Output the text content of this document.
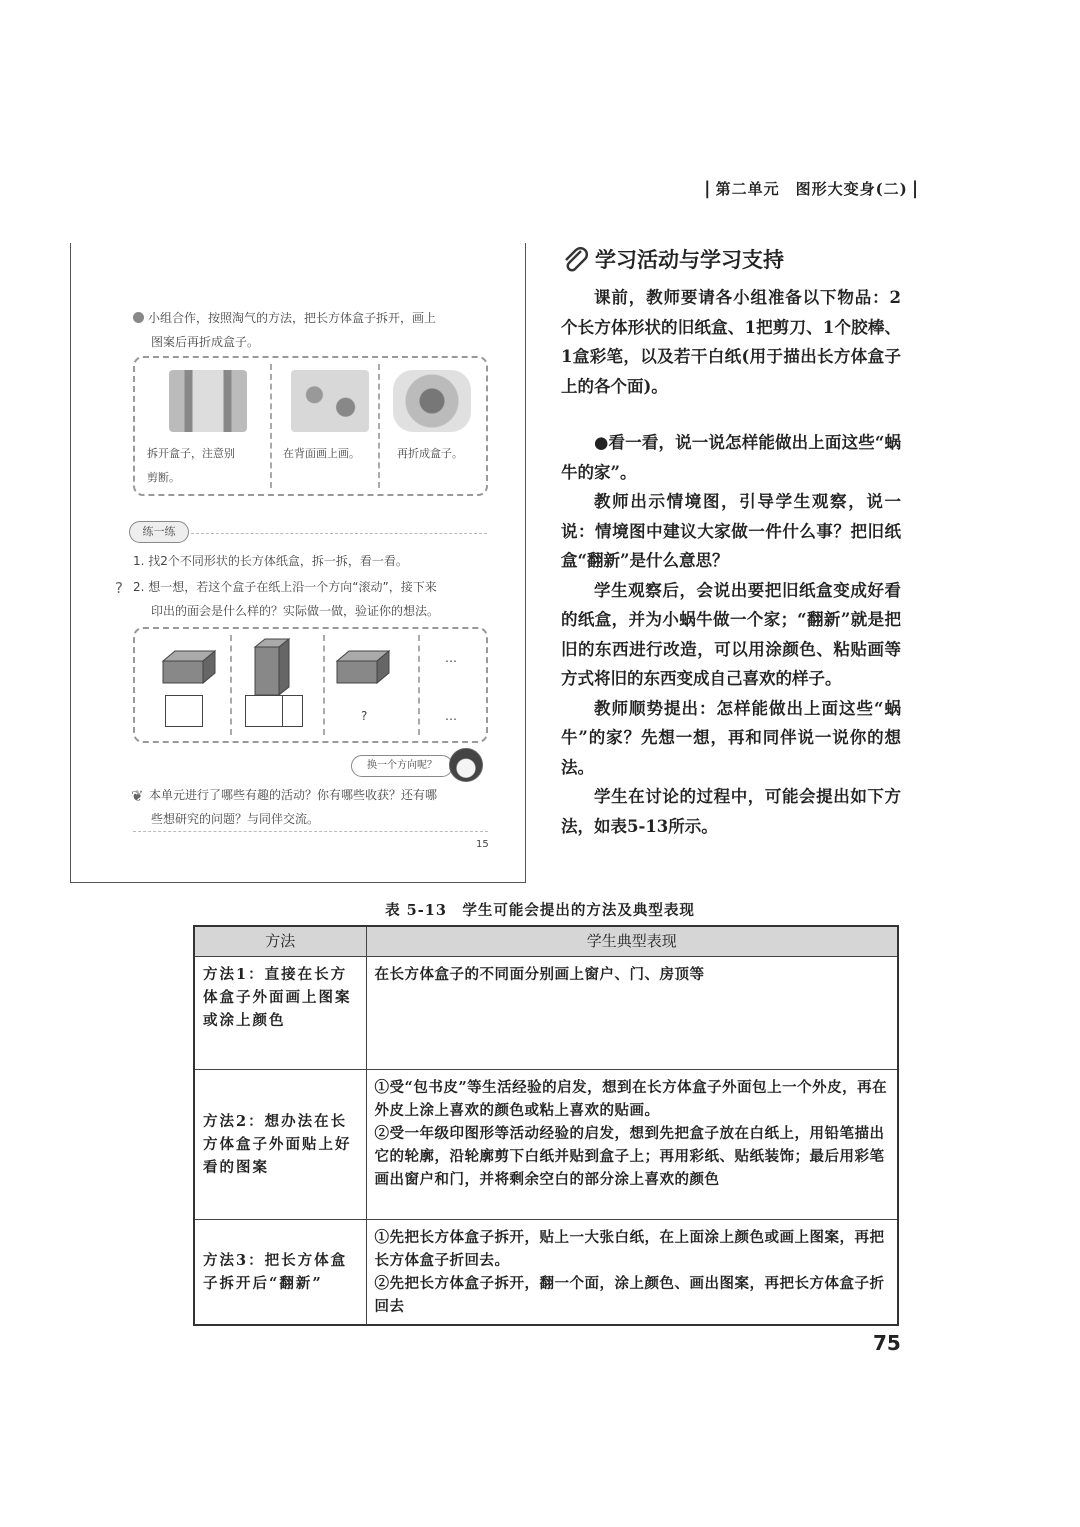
| 第二单元　图形大变身(二) |
小组合作，按照淘气的方法，把长方体盒子拆开，画上
图案后再折成盒子。
拆开盒子，注意别
剪断。
在背面画上画。	再折成盒子。
练一练
1. 找2个不同形状的长方体纸盒，拆一拆，看一看。
? 2. 想一想，若这个盒子在纸上沿一个方向“滚动”，接下来
印出的面会是什么样的？实际做一做，验证你的想法。
…
?	…
换一个方向呢？
❦ 本单元进行了哪些有趣的活动？你有哪些收获？还有哪
些想研究的问题？与同伴交流。
15
学习活动与学习支持

课前，教师要请各小组准备以下物品：2个长方体形状的旧纸盒、1把剪刀、1个胶棒、1盒彩笔，以及若干白纸(用于描出长方体盒子上的各个面)。

●看一看，说一说怎样能做出上面这些“蜗牛的家”。

教师出示情境图，引导学生观察，说一说：情境图中建议大家做一件什么事？把旧纸盒“翻新”是什么意思？

学生观察后，会说出要把旧纸盒变成好看的纸盒，并为小蜗牛做一个家；“翻新”就是把旧的东西进行改造，可以用涂颜色、粘贴画等方式将旧的东西变成自己喜欢的样子。

教师顺势提出：怎样能做出上面这些“蜗牛”的家？先想一想，再和同伴说一说你的想法。

学生在讨论的过程中，可能会提出如下方法，如表5-13所示。

表 5-13　学生可能会提出的方法及典型表现
方法	学生典型表现
方法1：直接在长方体盒子外面画上图案或涂上颜色	在长方体盒子的不同面分别画上窗户、门、房顶等

方法2：想办法在长方体盒子外面贴上好看的图案	①受“包书皮”等生活经验的启发，想到在长方体盒子外面包上一个外皮，再在外皮上涂上喜欢的颜色或粘上喜欢的贴画。
②受一年级印图形等活动经验的启发，想到先把盒子放在白纸上，用铅笔描出它的轮廓，沿轮廓剪下白纸并贴到盒子上；再用彩纸、贴纸装饰；最后用彩笔画出窗户和门，并将剩余空白的部分涂上喜欢的颜色

方法3：把长方体盒子拆开后“翻新”	①先把长方体盒子拆开，贴上一大张白纸，在上面涂上颜色或画上图案，再把长方体盒子折回去。
②先把长方体盒子拆开，翻一个面，涂上颜色、画出图案，再把长方体盒子折回去
75
